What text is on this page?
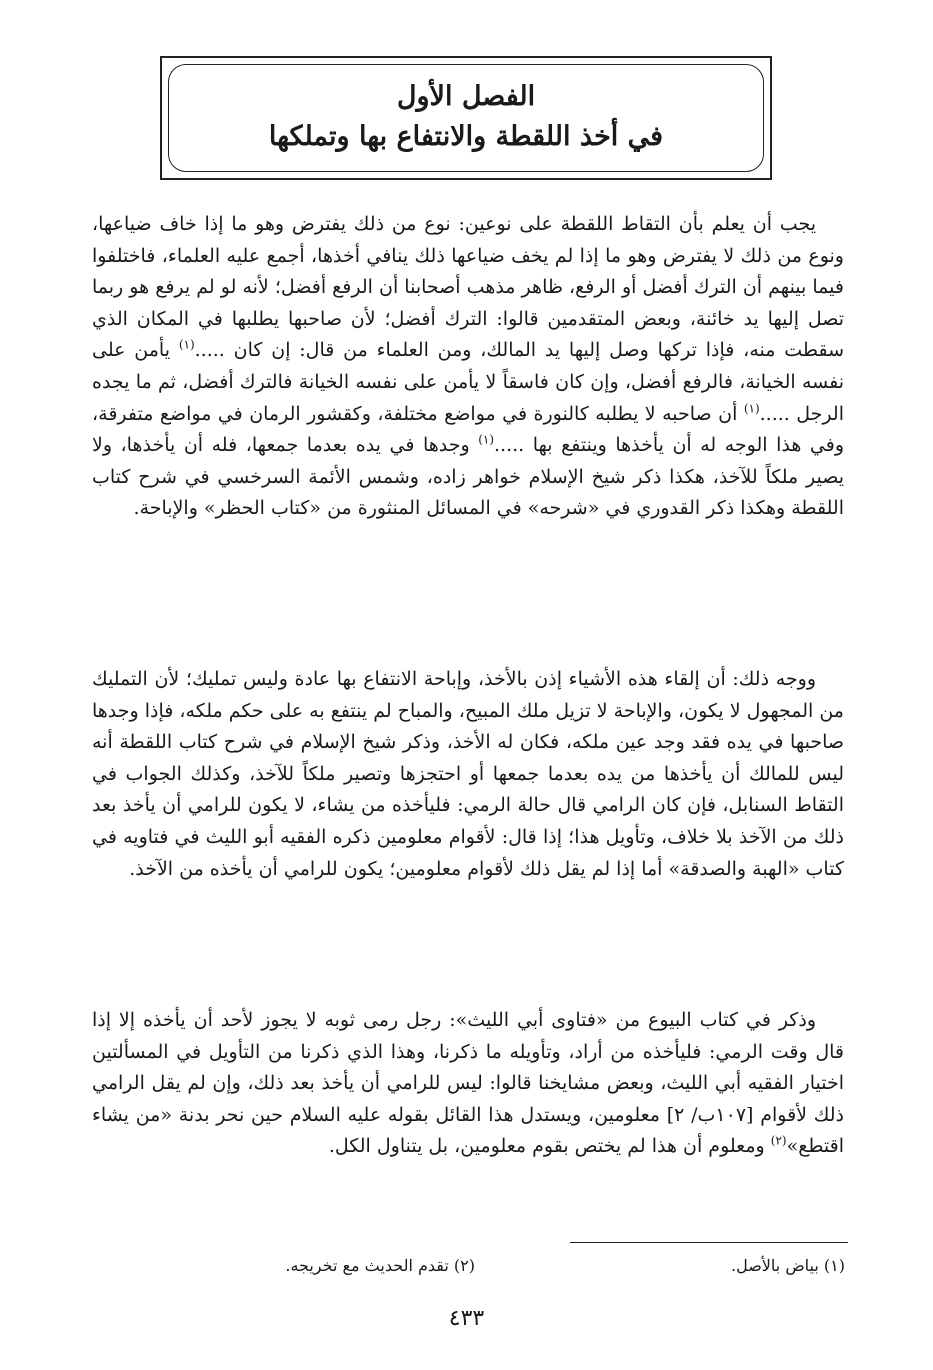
الفصل الأول
في أخذ اللقطة والانتفاع بها وتملكها
يجب أن يعلم بأن التقاط اللقطة على نوعين: نوع من ذلك يفترض وهو ما إذا خاف ضياعها، ونوع من ذلك لا يفترض وهو ما إذا لم يخف ضياعها ذلك ينافي أخذها، أجمع عليه العلماء، فاختلفوا فيما بينهم أن الترك أفضل أو الرفع، ظاهر مذهب أصحابنا أن الرفع أفضل؛ لأنه لو لم يرفع هو ربما تصل إليها يد خائنة، وبعض المتقدمين قالوا: الترك أفضل؛ لأن صاحبها يطلبها في المكان الذي سقطت منه، فإذا تركها وصل إليها يد المالك، ومن العلماء من قال: إن كان .....$^{(١)}$ يأمن على نفسه الخيانة، فالرفع أفضل، وإن كان فاسقاً لا يأمن على نفسه الخيانة فالترك أفضل، ثم ما يجده الرجل .....$^{(١)}$ أن صاحبه لا يطلبه كالنورة في مواضع مختلفة، وكقشور الرمان في مواضع متفرقة، وفي هذا الوجه له أن يأخذها وينتفع بها .....$^{(١)}$ وجدها في يده بعدما جمعها، فله أن يأخذها، ولا يصير ملكاً للآخذ، هكذا ذكر شيخ الإسلام خواهر زاده، وشمس الأئمة السرخسي في شرح كتاب اللقطة وهكذا ذكر القدوري في «شرحه» في المسائل المنثورة من «كتاب الحظر» والإباحة.
ووجه ذلك: أن إلقاء هذه الأشياء إذن بالأخذ، وإباحة الانتفاع بها عادة وليس تمليك؛ لأن التمليك من المجهول لا يكون، والإباحة لا تزيل ملك المبيح، والمباح لم ينتفع به على حكم ملكه، فإذا وجدها صاحبها في يده فقد وجد عين ملكه، فكان له الأخذ، وذكر شيخ الإسلام في شرح كتاب اللقطة أنه ليس للمالك أن يأخذها من يده بعدما جمعها أو احتجزها وتصير ملكاً للآخذ، وكذلك الجواب في التقاط السنابل، فإن كان الرامي قال حالة الرمي: فليأخذه من يشاء، لا يكون للرامي أن يأخذ بعد ذلك من الآخذ بلا خلاف، وتأويل هذا؛ إذا قال: لأقوام معلومين ذكره الفقيه أبو الليث في فتاويه في كتاب «الهبة والصدقة» أما إذا لم يقل ذلك لأقوام معلومين؛ يكون للرامي أن يأخذه من الآخذ.
وذكر في كتاب البيوع من «فتاوى أبي الليث»: رجل رمى ثوبه لا يجوز لأحد أن يأخذه إلا إذا قال وقت الرمي: فليأخذه من أراد، وتأويله ما ذكرنا، وهذا الذي ذكرنا من التأويل في المسألتين اختيار الفقيه أبي الليث، وبعض مشايخنا قالوا: ليس للرامي أن يأخذ بعد ذلك، وإن لم يقل الرامي ذلك لأقوام [١٠٧ب/ ٢] معلومين، ويستدل هذا القائل بقوله عليه السلام حين نحر بدنة «من يشاء اقتطع»$^{(٢)}$ ومعلوم أن هذا لم يختص بقوم معلومين، بل يتناول الكل.
(١) بياض بالأصل.
(٢) تقدم الحديث مع تخريجه.
٤٣٣
